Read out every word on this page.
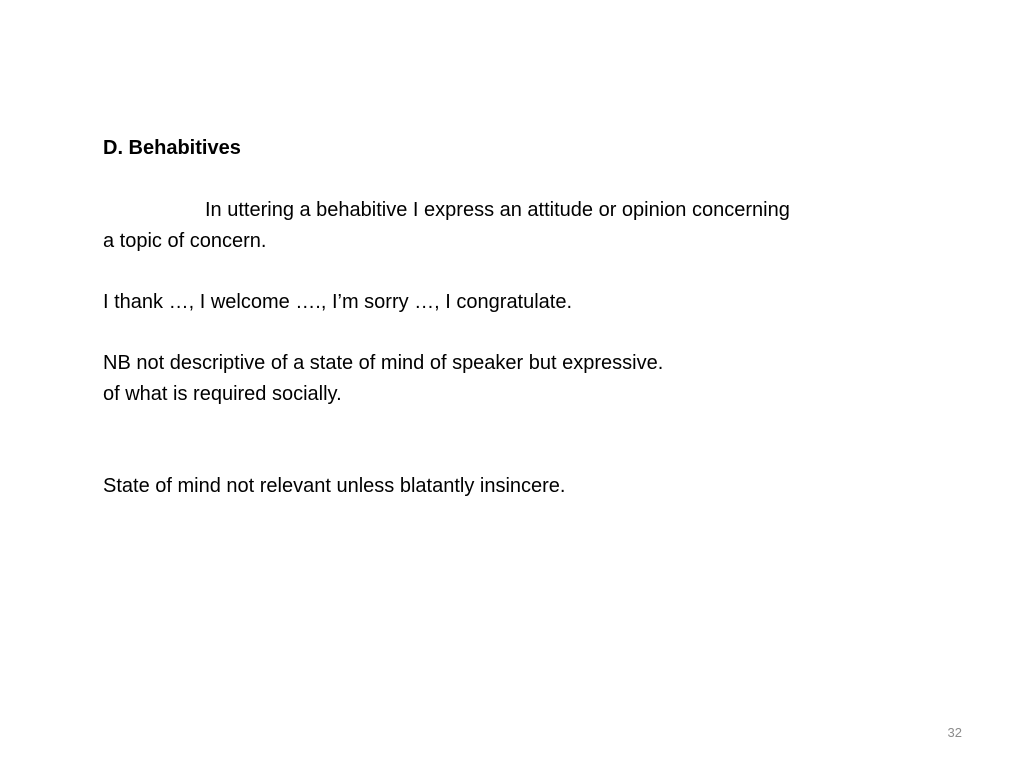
D. Behabitives
In uttering a behabitive I express an attitude or opinion concerning
a topic of concern.
I thank …, I welcome …., I’m sorry …, I congratulate.
NB not descriptive of a state of mind of speaker but expressive.
of what is required socially.
State of mind not relevant unless blatantly insincere.
32
